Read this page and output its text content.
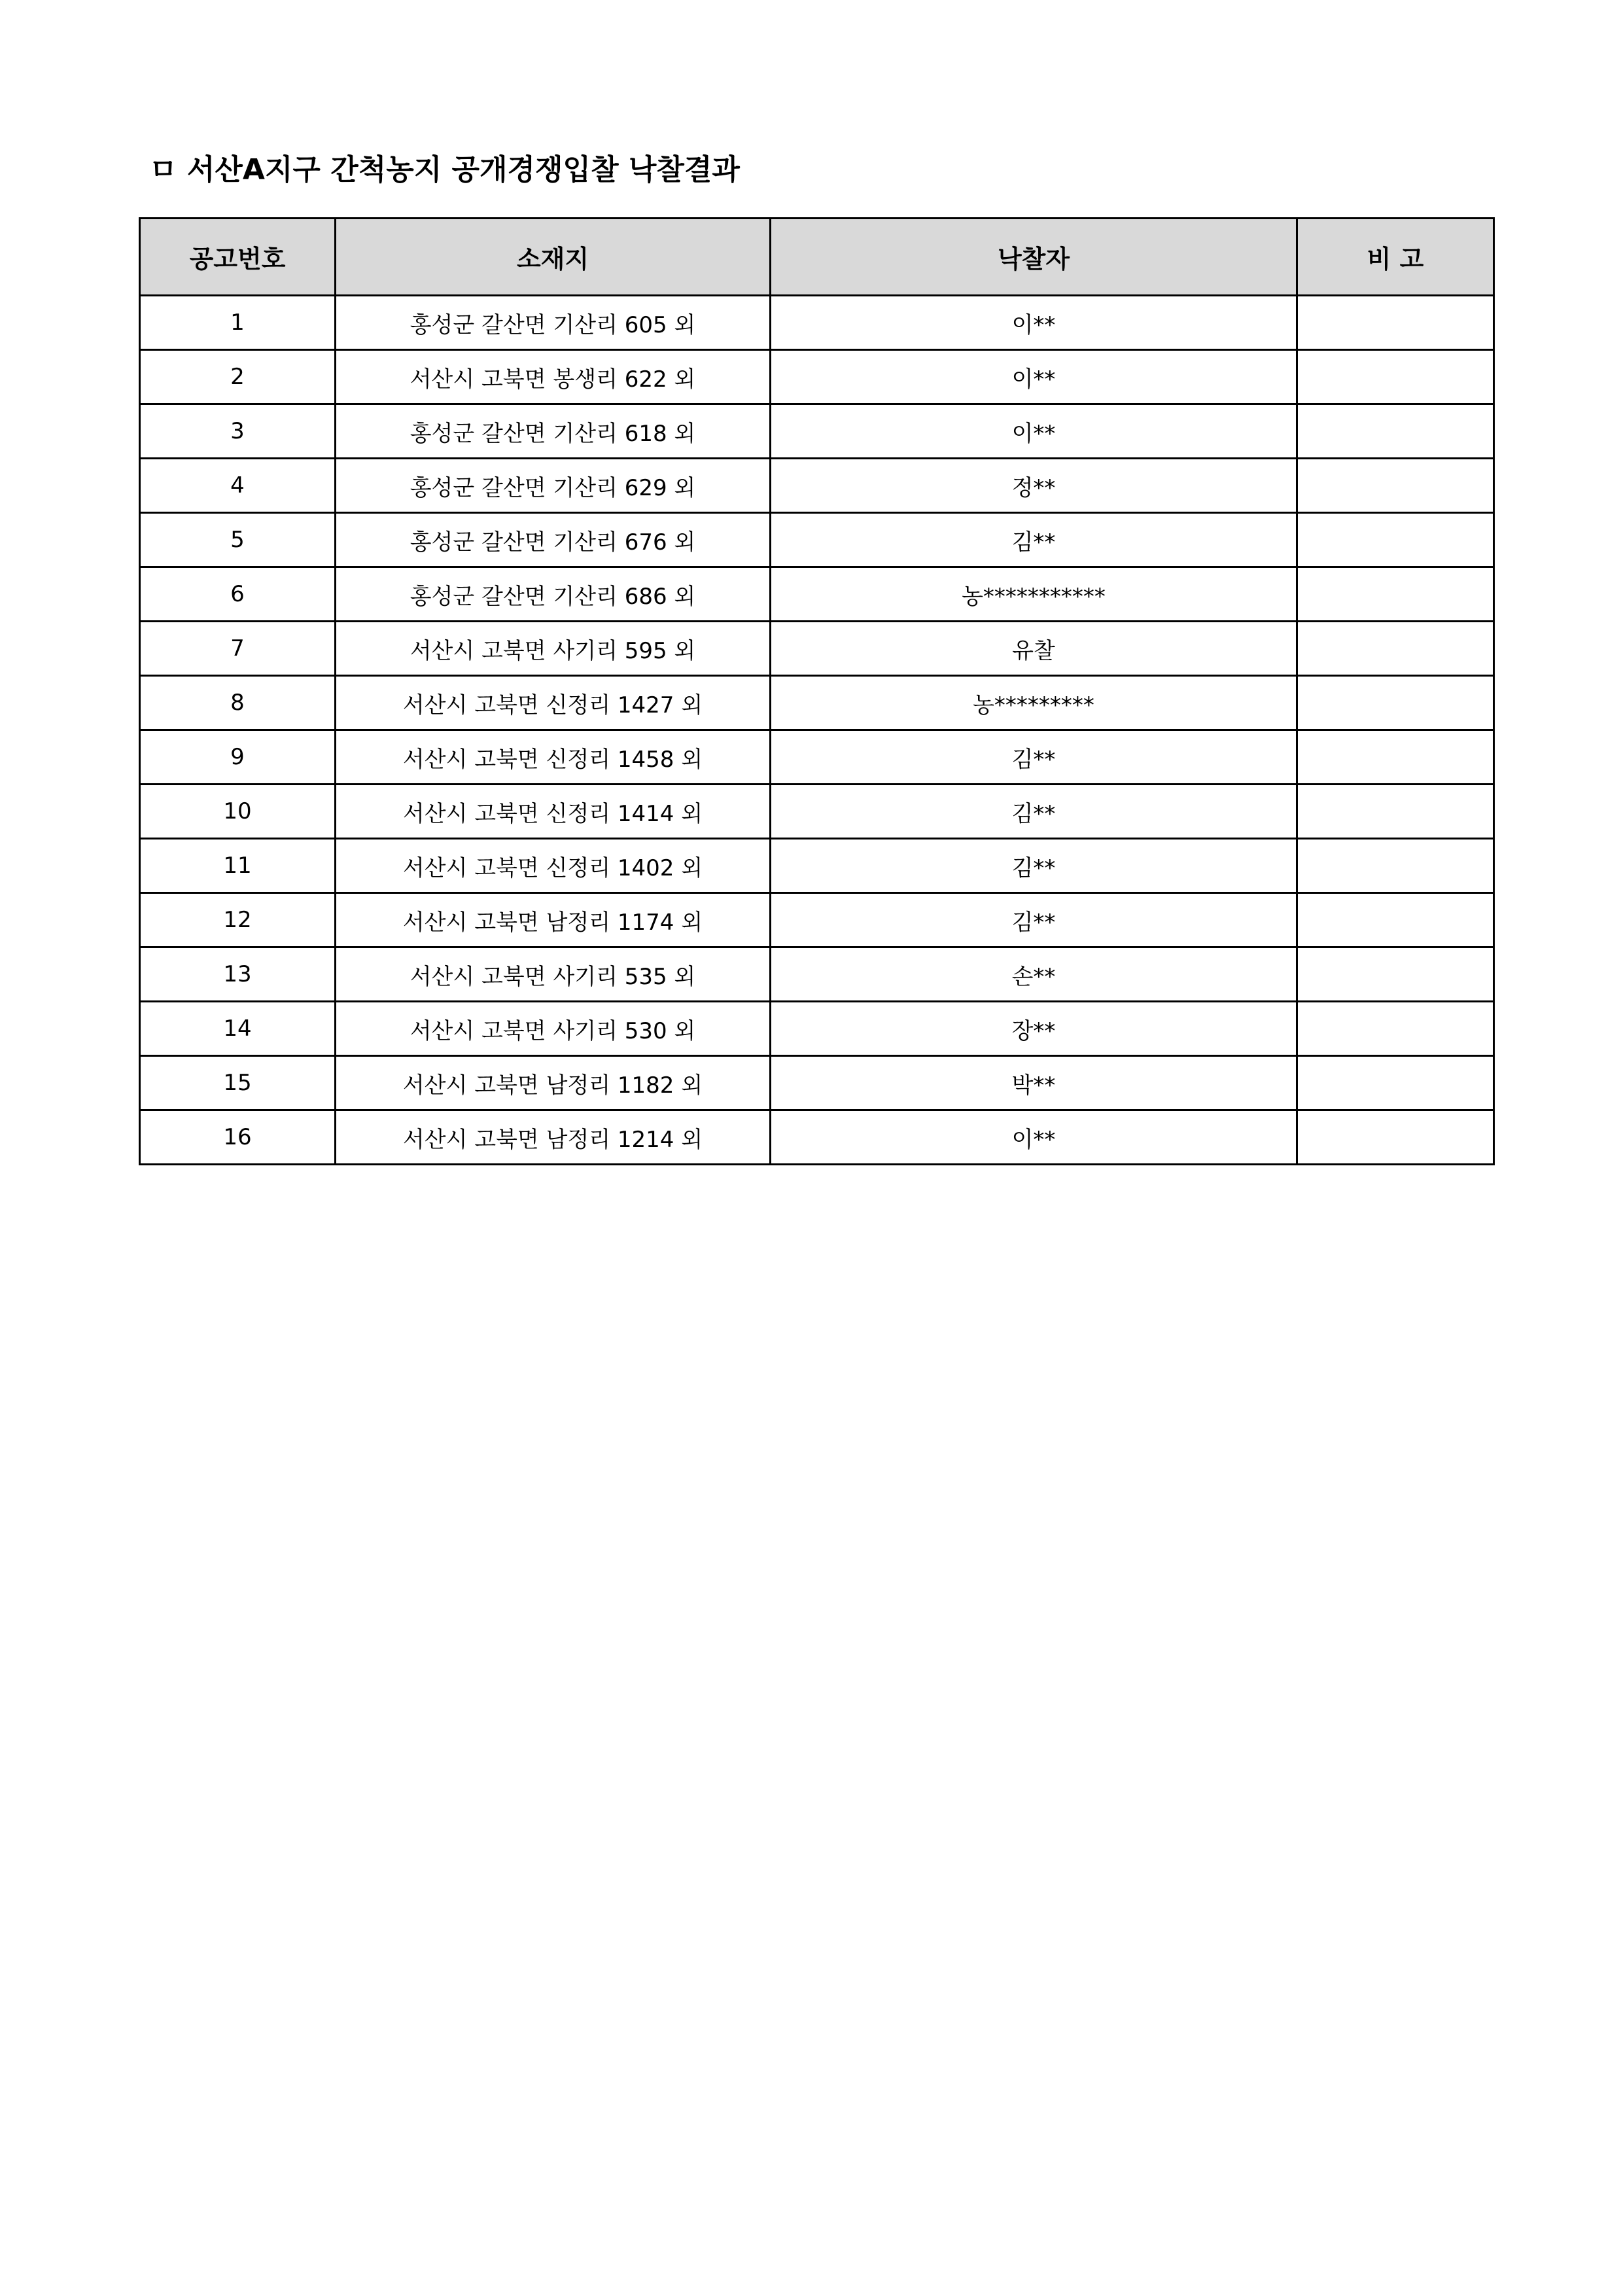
ㅁ 서산A지구 간척농지 공개경쟁입찰 낙찰결과
공고번호	소재지	낙찰자	비 고
1	홍성군 갈산면 기산리 605 외	이**	
2	서산시 고북면 봉생리 622 외	이**	
3	홍성군 갈산면 기산리 618 외	이**	
4	홍성군 갈산면 기산리 629 외	정**	
5	홍성군 갈산면 기산리 676 외	김**	
6	홍성군 갈산면 기산리 686 외	농***********	
7	서산시 고북면 사기리 595 외	유찰	
8	서산시 고북면 신정리 1427 외	농*********	
9	서산시 고북면 신정리 1458 외	김**	
10	서산시 고북면 신정리 1414 외	김**	
11	서산시 고북면 신정리 1402 외	김**	
12	서산시 고북면 남정리 1174 외	김**	
13	서산시 고북면 사기리 535 외	손**	
14	서산시 고북면 사기리 530 외	장**	
15	서산시 고북면 남정리 1182 외	박**	
16	서산시 고북면 남정리 1214 외	이**	
